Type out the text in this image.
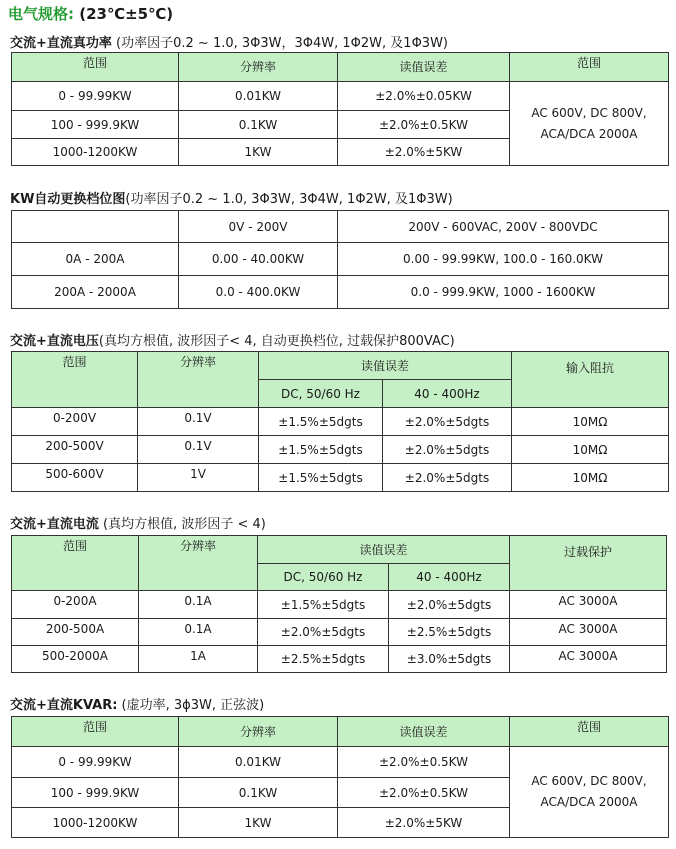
电气规格: (23℃±5℃)
交流+直流真功率 (功率因子0.2 ~ 1.0, 3Φ3W，3Φ4W, 1Φ2W, 及1Φ3W)
范围	分辨率	读值误差	范围
0 - 99.99KW	0.01KW	±2.0%±0.05KW	AC 600V, DC 800V,
ACA/DCA 2000A

100 - 999.9KW	0.1KW	±2.0%±0.5KW	
1000-1200KW	1KW	±2.0%±5KW	
KW自动更换档位图(功率因子0.2 ~ 1.0, 3Φ3W, 3Φ4W, 1Φ2W, 及1Φ3W)
	0V - 200V	200V - 600VAC, 200V - 800VDC
0A - 200A	0.00 - 40.00KW	0.00 - 99.99KW, 100.0 - 160.0KW
200A - 2000A	0.0 - 400.0KW	0.0 - 999.9KW, 1000 - 1600KW
交流+直流电压(真均方根值, 波形因子< 4, 自动更换档位, 过载保护800VAC)
范围	分辨率	读值误差		输入阻抗
		DC, 50/60 Hz	40 - 400Hz	
0-200V	0.1V	±1.5%±5dgts	±2.0%±5dgts	10MΩ
200-500V	0.1V	±1.5%±5dgts	±2.0%±5dgts	10MΩ
500-600V	1V	±1.5%±5dgts	±2.0%±5dgts	10MΩ
交流+直流电流 (真均方根值, 波形因子 < 4)
范围	分辨率	读值误差		过载保护
		DC, 50/60 Hz	40 - 400Hz	
0-200A	0.1A	±1.5%±5dgts	±2.0%±5dgts	AC 3000A
200-500A	0.1A	±2.0%±5dgts	±2.5%±5dgts	AC 3000A
500-2000A	1A	±2.5%±5dgts	±3.0%±5dgts	AC 3000A
交流+直流KVAR: (虚功率, 3ϕ3W, 正弦波)
范围	分辨率	读值误差	范围
0 - 99.99KW	0.01KW	±2.0%±0.5KW	AC 600V, DC 800V,
ACA/DCA 2000A

100 - 999.9KW	0.1KW	±2.0%±0.5KW	
1000-1200KW	1KW	±2.0%±5KW	
